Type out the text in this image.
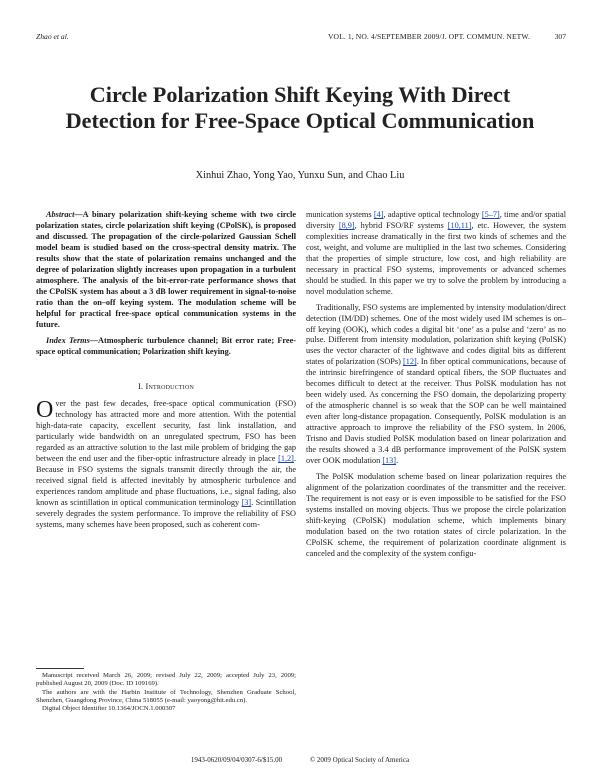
Zhao et al.	VOL. 1, NO. 4/SEPTEMBER 2009/J. OPT. COMMUN. NETW.	307
Circle Polarization Shift Keying With Direct Detection for Free-Space Optical Communication
Xinhui Zhao, Yong Yao, Yunxu Sun, and Chao Liu

Abstract—A binary polarization shift-keying scheme with two circle polarization states, circle polarization shift keying (CPolSK), is proposed and discussed. The propagation of the circle-polarized Gaussian Schell model beam is studied based on the cross-spectral density matrix. The results show that the state of polarization remains unchanged and the degree of polarization slightly increases upon propagation in a turbulent atmosphere. The analysis of the bit-error-rate performance shows that the CPolSK system has about a 3 dB lower requirement in signal-to-noise ratio than the on–off keying system. The modulation scheme will be helpful for practical free-space optical communication systems in the future.

Index Terms—Atmospheric turbulence channel; Bit error rate; Free-space optical communication; Polarization shift keying.

I. Introduction

Over the past few decades, free-space optical communication (FSO) technology has attracted more and more attention. With the potential high-data-rate capacity, excellent security, fast link installation, and particularly wide bandwidth on an unregulated spectrum, FSO has been regarded as an attractive solution to the last mile problem of bridging the gap between the end user and the fiber-optic infrastructure already in place [1,2]. Because in FSO systems the signals transmit directly through the air, the received signal field is affected inevitably by atmospheric turbulence and experiences random amplitude and phase fluctuations, i.e., signal fading, also known as scintillation in optical communication terminology [3]. Scintillation severely degrades the system performance. To improve the reliability of FSO systems, many schemes have been proposed, such as coherent com-

munication systems [4], adaptive optical technology [5–7], time and/or spatial diversity [8,9], hybrid FSO/RF systems [10,11], etc. However, the system complexities increase dramatically in the first two kinds of schemes and the cost, weight, and volume are multiplied in the last two schemes. Considering that the properties of simple structure, low cost, and high reliability are necessary in practical FSO systems, improvements or advanced schemes should be studied. In this paper we try to solve the problem by introducing a novel modulation scheme.

Traditionally, FSO systems are implemented by intensity modulation/direct detection (IM/DD) schemes. One of the most widely used IM schemes is on–off keying (OOK), which codes a digital bit ‘one’ as a pulse and ‘zero’ as no pulse. Different from intensity modulation, polarization shift keying (PolSK) uses the vector character of the lightwave and codes digital bits as different states of polarization (SOPs) [12]. In fiber optical communications, because of the intrinsic birefringence of standard optical fibers, the SOP fluctuates and becomes difficult to detect at the receiver. Thus PolSK modulation has not been widely used. As concerning the FSO domain, the depolarizing property of the atmospheric channel is so weak that the SOP can be well maintained even after long-distance propagation. Consequently, PolSK modulation is an attractive approach to improve the reliability of the FSO system. In 2006, Trisno and Davis studied PolSK modulation based on linear polarization and the results showed a 3.4 dB performance improvement of the PolSK system over OOK modulation [13].

The PolSK modulation scheme based on linear polarization requires the alignment of the polarization coordinates of the transmitter and the receiver. The requirement is not easy or is even impossible to be satisfied for the FSO systems installed on moving objects. Thus we propose the circle polarization shift-keying (CPolSK) modulation scheme, which implements binary modulation based on the two rotation states of circle polarization. In the CPolSK scheme, the requirement of polarization coordinate alignment is canceled and the complexity of the system configu-

Manuscript received March 26, 2009; revised July 22, 2009; accepted July 23, 2009; published August 20, 2009 (Doc. ID 109169).

The authors are with the Harbin Institute of Technology, Shenzhen Graduate School, Shenzhen, Guangdong Province, China 518055 (e-mail: yaoyong@hit.edu.cn).

Digital Object Identifier 10.1364/JOCN.1.000307

1943-0620/09/04/0307-6/$15.00	© 2009 Optical Society of America
